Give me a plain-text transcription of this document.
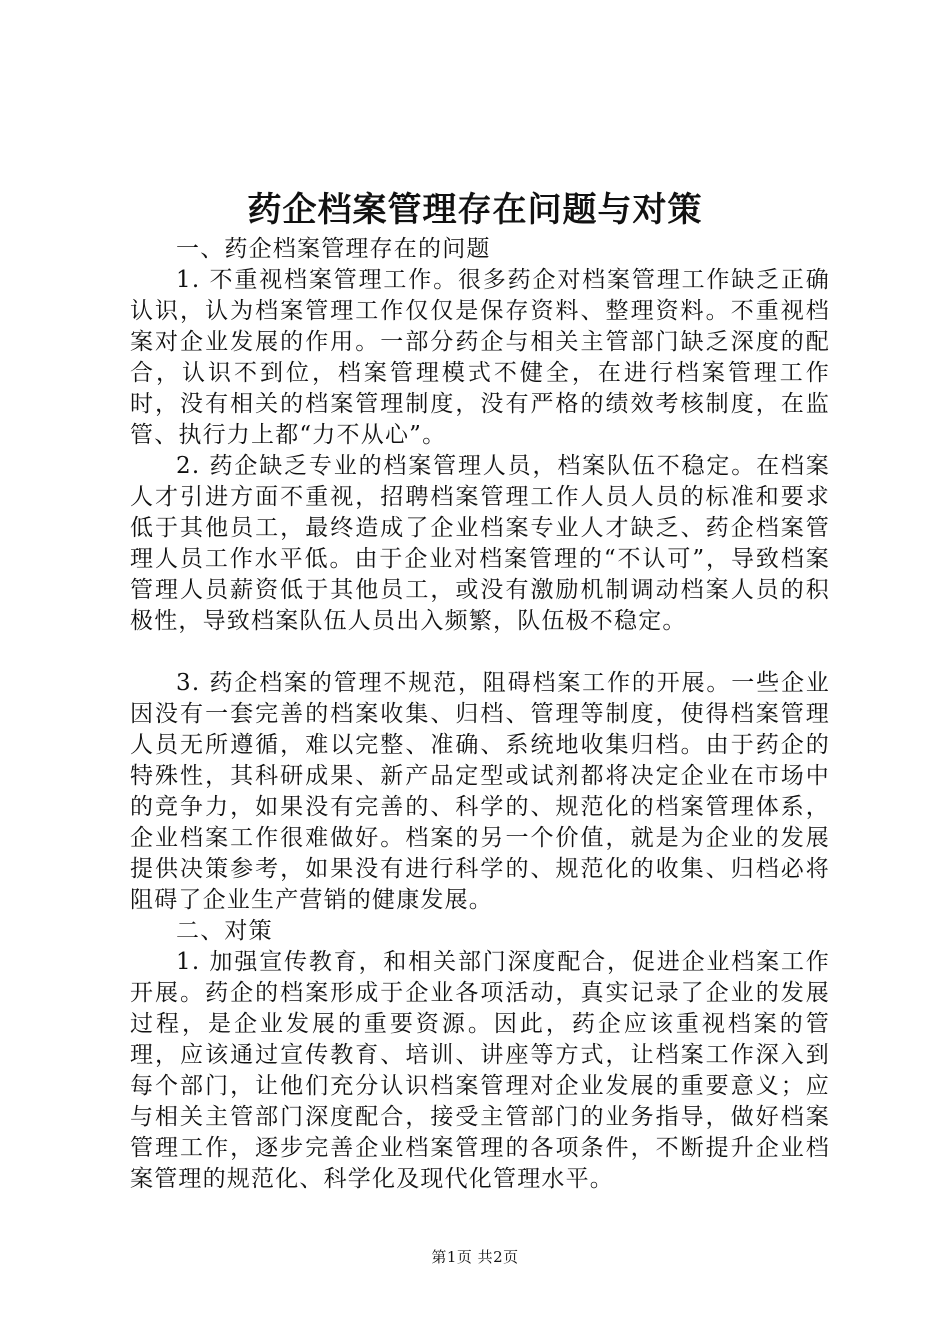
药企档案管理存在问题与对策

一、药企档案管理存在的问题

1. 不重视档案管理工作。很多药企对档案管理工作缺乏正确认识，认为档案管理工作仅仅是保存资料、整理资料。不重视档案对企业发展的作用。一部分药企与相关主管部门缺乏深度的配合，认识不到位，档案管理模式不健全，在进行档案管理工作时，没有相关的档案管理制度，没有严格的绩效考核制度，在监管、执行力上都“力不从心”。

2. 药企缺乏专业的档案管理人员，档案队伍不稳定。在档案人才引进方面不重视，招聘档案管理工作人员人员的标准和要求低于其他员工，最终造成了企业档案专业人才缺乏、药企档案管理人员工作水平低。由于企业对档案管理的“不认可”，导致档案管理人员薪资低于其他员工，或没有激励机制调动档案人员的积极性，导致档案队伍人员出入频繁，队伍极不稳定。

3. 药企档案的管理不规范，阻碍档案工作的开展。一些企业因没有一套完善的档案收集、归档、管理等制度，使得档案管理人员无所遵循，难以完整、准确、系统地收集归档。由于药企的特殊性，其科研成果、新产品定型或试剂都将决定企业在市场中的竞争力，如果没有完善的、科学的、规范化的档案管理体系，企业档案工作很难做好。档案的另一个价值，就是为企业的发展提供决策参考，如果没有进行科学的、规范化的收集、归档必将阻碍了企业生产营销的健康发展。

二、对策

1. 加强宣传教育，和相关部门深度配合，促进企业档案工作开展。药企的档案形成于企业各项活动，真实记录了企业的发展过程，是企业发展的重要资源。因此，药企应该重视档案的管理，应该通过宣传教育、培训、讲座等方式，让档案工作深入到每个部门，让他们充分认识档案管理对企业发展的重要意义；应与相关主管部门深度配合，接受主管部门的业务指导，做好档案管理工作，逐步完善企业档案管理的各项条件，不断提升企业档案管理的规范化、科学化及现代化管理水平。

第1页 共2页
